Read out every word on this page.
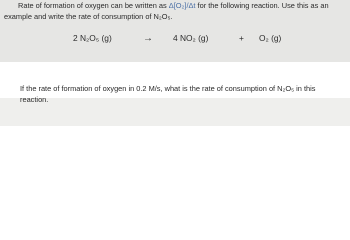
Rate of formation of oxygen can be written as Δ[O₂]/Δt for the following reaction. Use this as an
example and write the rate of consumption of N₂O₅.

2 N₂O₅ (g)	→ 4 NO₂ (g)	+ O₂ (g)

If the rate of formation of oxygen in 0.2 M/s, what is the rate of consumption of N₂O₅ in this
reaction.
